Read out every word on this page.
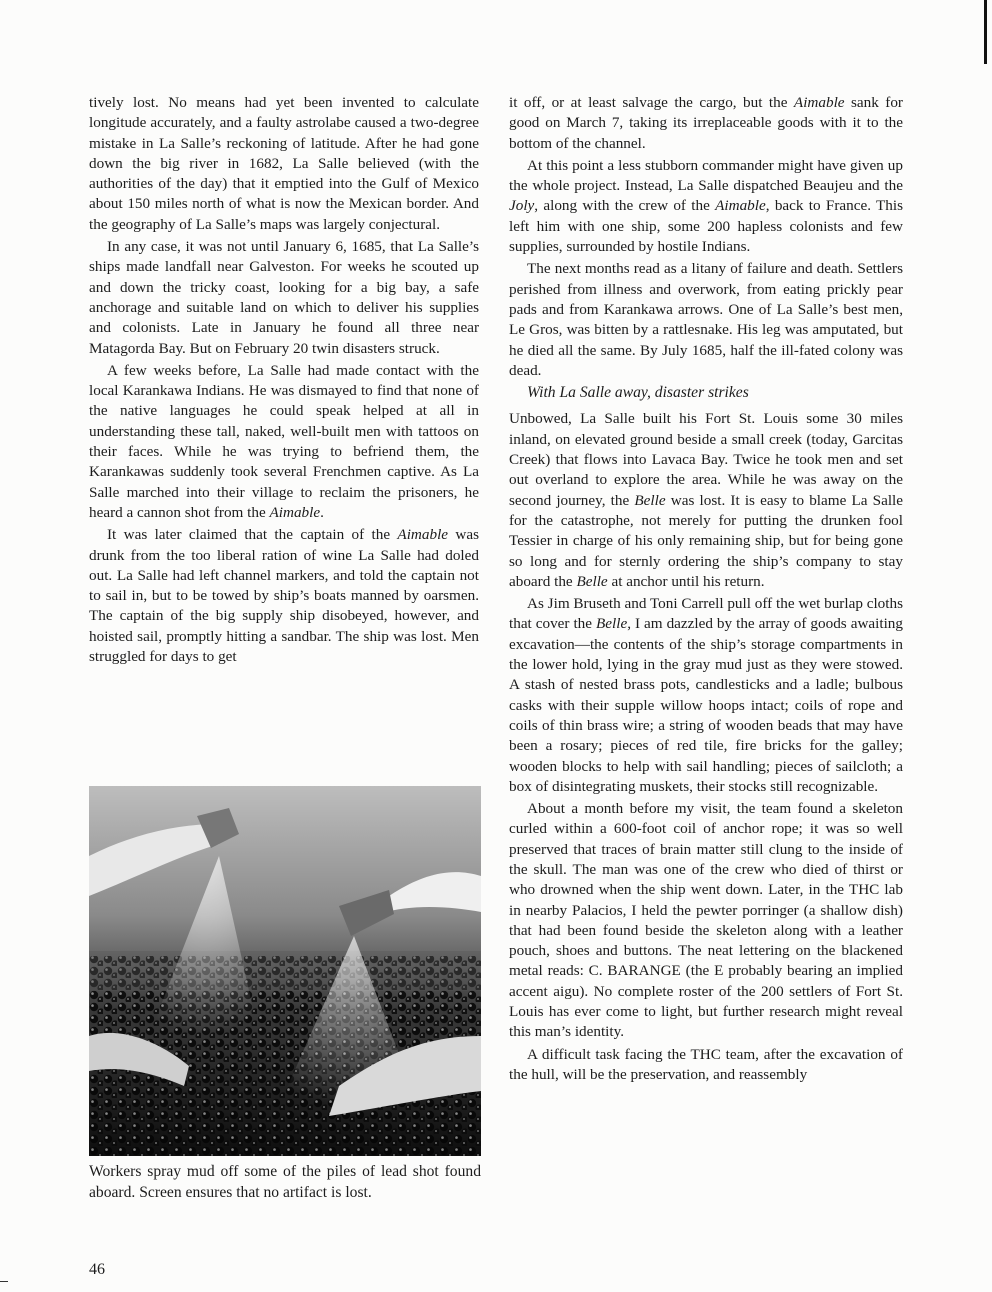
tively lost. No means had yet been invented to calculate longitude accurately, and a faulty astrolabe caused a two-degree mistake in La Salle’s reckoning of latitude. After he had gone down the big river in 1682, La Salle believed (with the authorities of the day) that it emptied into the Gulf of Mexico about 150 miles north of what is now the Mexican border. And the geography of La Salle’s maps was largely conjectural.

In any case, it was not until January 6, 1685, that La Salle’s ships made landfall near Galveston. For weeks he scouted up and down the tricky coast, looking for a big bay, a safe anchorage and suitable land on which to deliver his supplies and colonists. Late in January he found all three near Matagorda Bay. But on February 20 twin disasters struck.

A few weeks before, La Salle had made contact with the local Karankawa Indians. He was dismayed to find that none of the native languages he could speak helped at all in understanding these tall, naked, well-built men with tattoos on their faces. While he was trying to befriend them, the Karankawas suddenly took several Frenchmen captive. As La Salle marched into their village to reclaim the prisoners, he heard a cannon shot from the Aimable.

It was later claimed that the captain of the Aimable was drunk from the too liberal ration of wine La Salle had doled out. La Salle had left channel markers, and told the captain not to sail in, but to be towed by ship’s boats manned by oarsmen. The captain of the big supply ship disobeyed, however, and hoisted sail, promptly hitting a sandbar. The ship was lost. Men struggled for days to get

it off, or at least salvage the cargo, but the Aimable sank for good on March 7, taking its irreplaceable goods with it to the bottom of the channel.

At this point a less stubborn commander might have given up the whole project. Instead, La Salle dispatched Beaujeu and the Joly, along with the crew of the Aimable, back to France. This left him with one ship, some 200 hapless colonists and few supplies, surrounded by hostile Indians.

The next months read as a litany of failure and death. Settlers perished from illness and overwork, from eating prickly pear pads and from Karankawa arrows. One of La Salle’s best men, Le Gros, was bitten by a rattlesnake. His leg was amputated, but he died all the same. By July 1685, half the ill-fated colony was dead.

With La Salle away, disaster strikes

Unbowed, La Salle built his Fort St. Louis some 30 miles inland, on elevated ground beside a small creek (today, Garcitas Creek) that flows into Lavaca Bay. Twice he took men and set out overland to explore the area. While he was away on the second journey, the Belle was lost. It is easy to blame La Salle for the catastrophe, not merely for putting the drunken fool Tessier in charge of his only remaining ship, but for being gone so long and for sternly ordering the ship’s company to stay aboard the Belle at anchor until his return.

As Jim Bruseth and Toni Carrell pull off the wet burlap cloths that cover the Belle, I am dazzled by the array of goods awaiting excavation—the contents of the ship’s storage compartments in the lower hold, lying in the gray mud just as they were stowed. A stash of nested brass pots, candlesticks and a ladle; bulbous casks with their supple willow hoops intact; coils of rope and coils of thin brass wire; a string of wooden beads that may have been a rosary; pieces of red tile, fire bricks for the galley; wooden blocks to help with sail handling; pieces of sailcloth; a box of disintegrating muskets, their stocks still recognizable.

About a month before my visit, the team found a skeleton curled within a 600-foot coil of anchor rope; it was so well preserved that traces of brain matter still clung to the inside of the skull. The man was one of the crew who died of thirst or who drowned when the ship went down. Later, in the THC lab in nearby Palacios, I held the pewter porringer (a shallow dish) that had been found beside the skeleton along with a leather pouch, shoes and buttons. The neat lettering on the blackened metal reads: C. BARANGE (the E probably bearing an implied accent aigu). No complete roster of the 200 settlers of Fort St. Louis has ever come to light, but further research might reveal this man’s identity.

A difficult task facing the THC team, after the excavation of the hull, will be the preservation, and reassembly

Workers spray mud off some of the piles of lead shot found aboard. Screen ensures that no artifact is lost.
46
